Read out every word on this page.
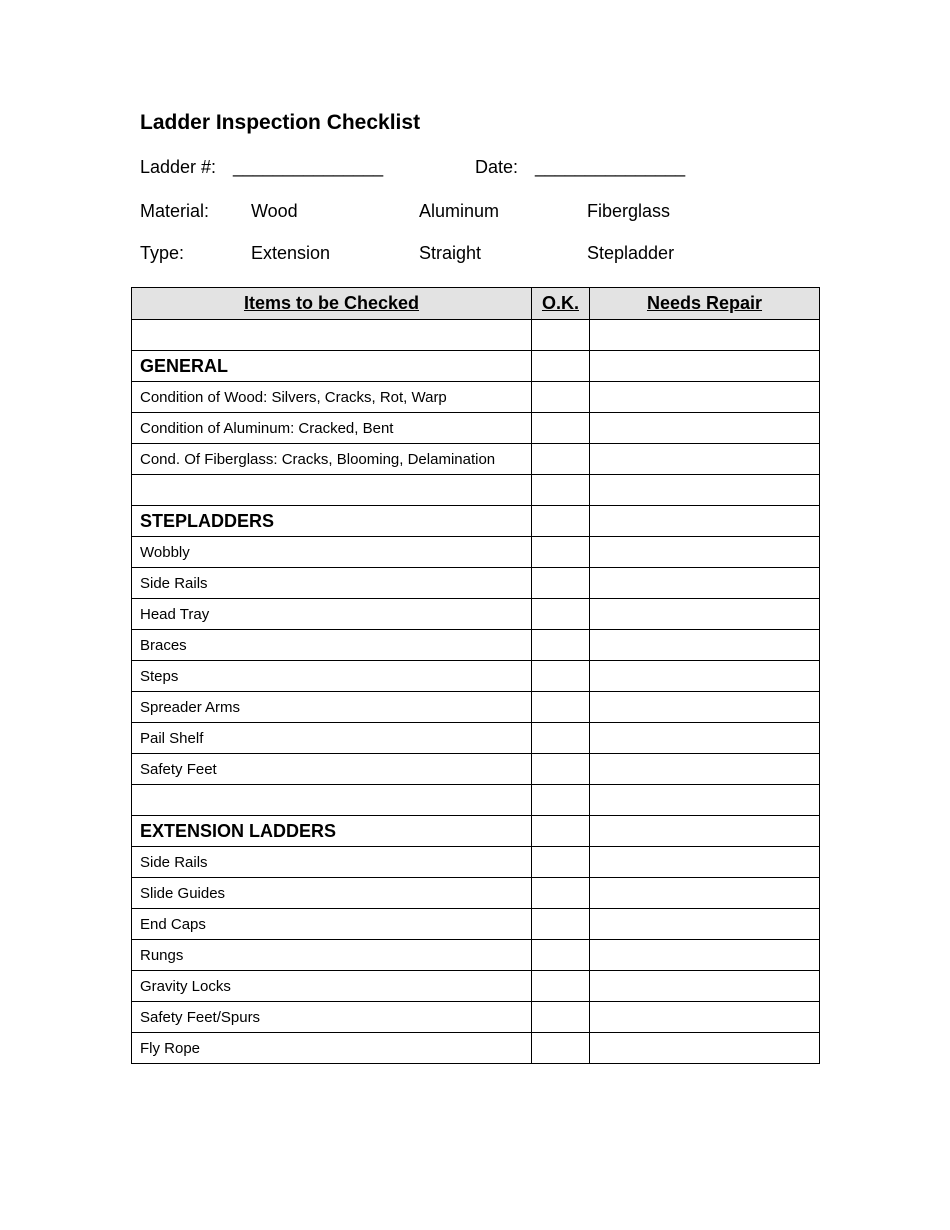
Ladder Inspection Checklist
Ladder #: _______________	Date: _______________
Material: Wood	Aluminum	Fiberglass
Type:	Extension	Straight	Stepladder
Items to be Checked	O.K.	Needs Repair

GENERAL		
Condition of Wood: Silvers, Cracks, Rot, Warp		
Condition of Aluminum: Cracked, Bent		
Cond. Of Fiberglass: Cracks, Blooming, Delamination		

STEPLADDERS		
Wobbly		
Side Rails		
Head Tray		
Braces		
Steps		
Spreader Arms		
Pail Shelf		
Safety Feet		

EXTENSION LADDERS		
Side Rails		
Slide Guides		
End Caps		
Rungs		
Gravity Locks		
Safety Feet/Spurs		
Fly Rope		
